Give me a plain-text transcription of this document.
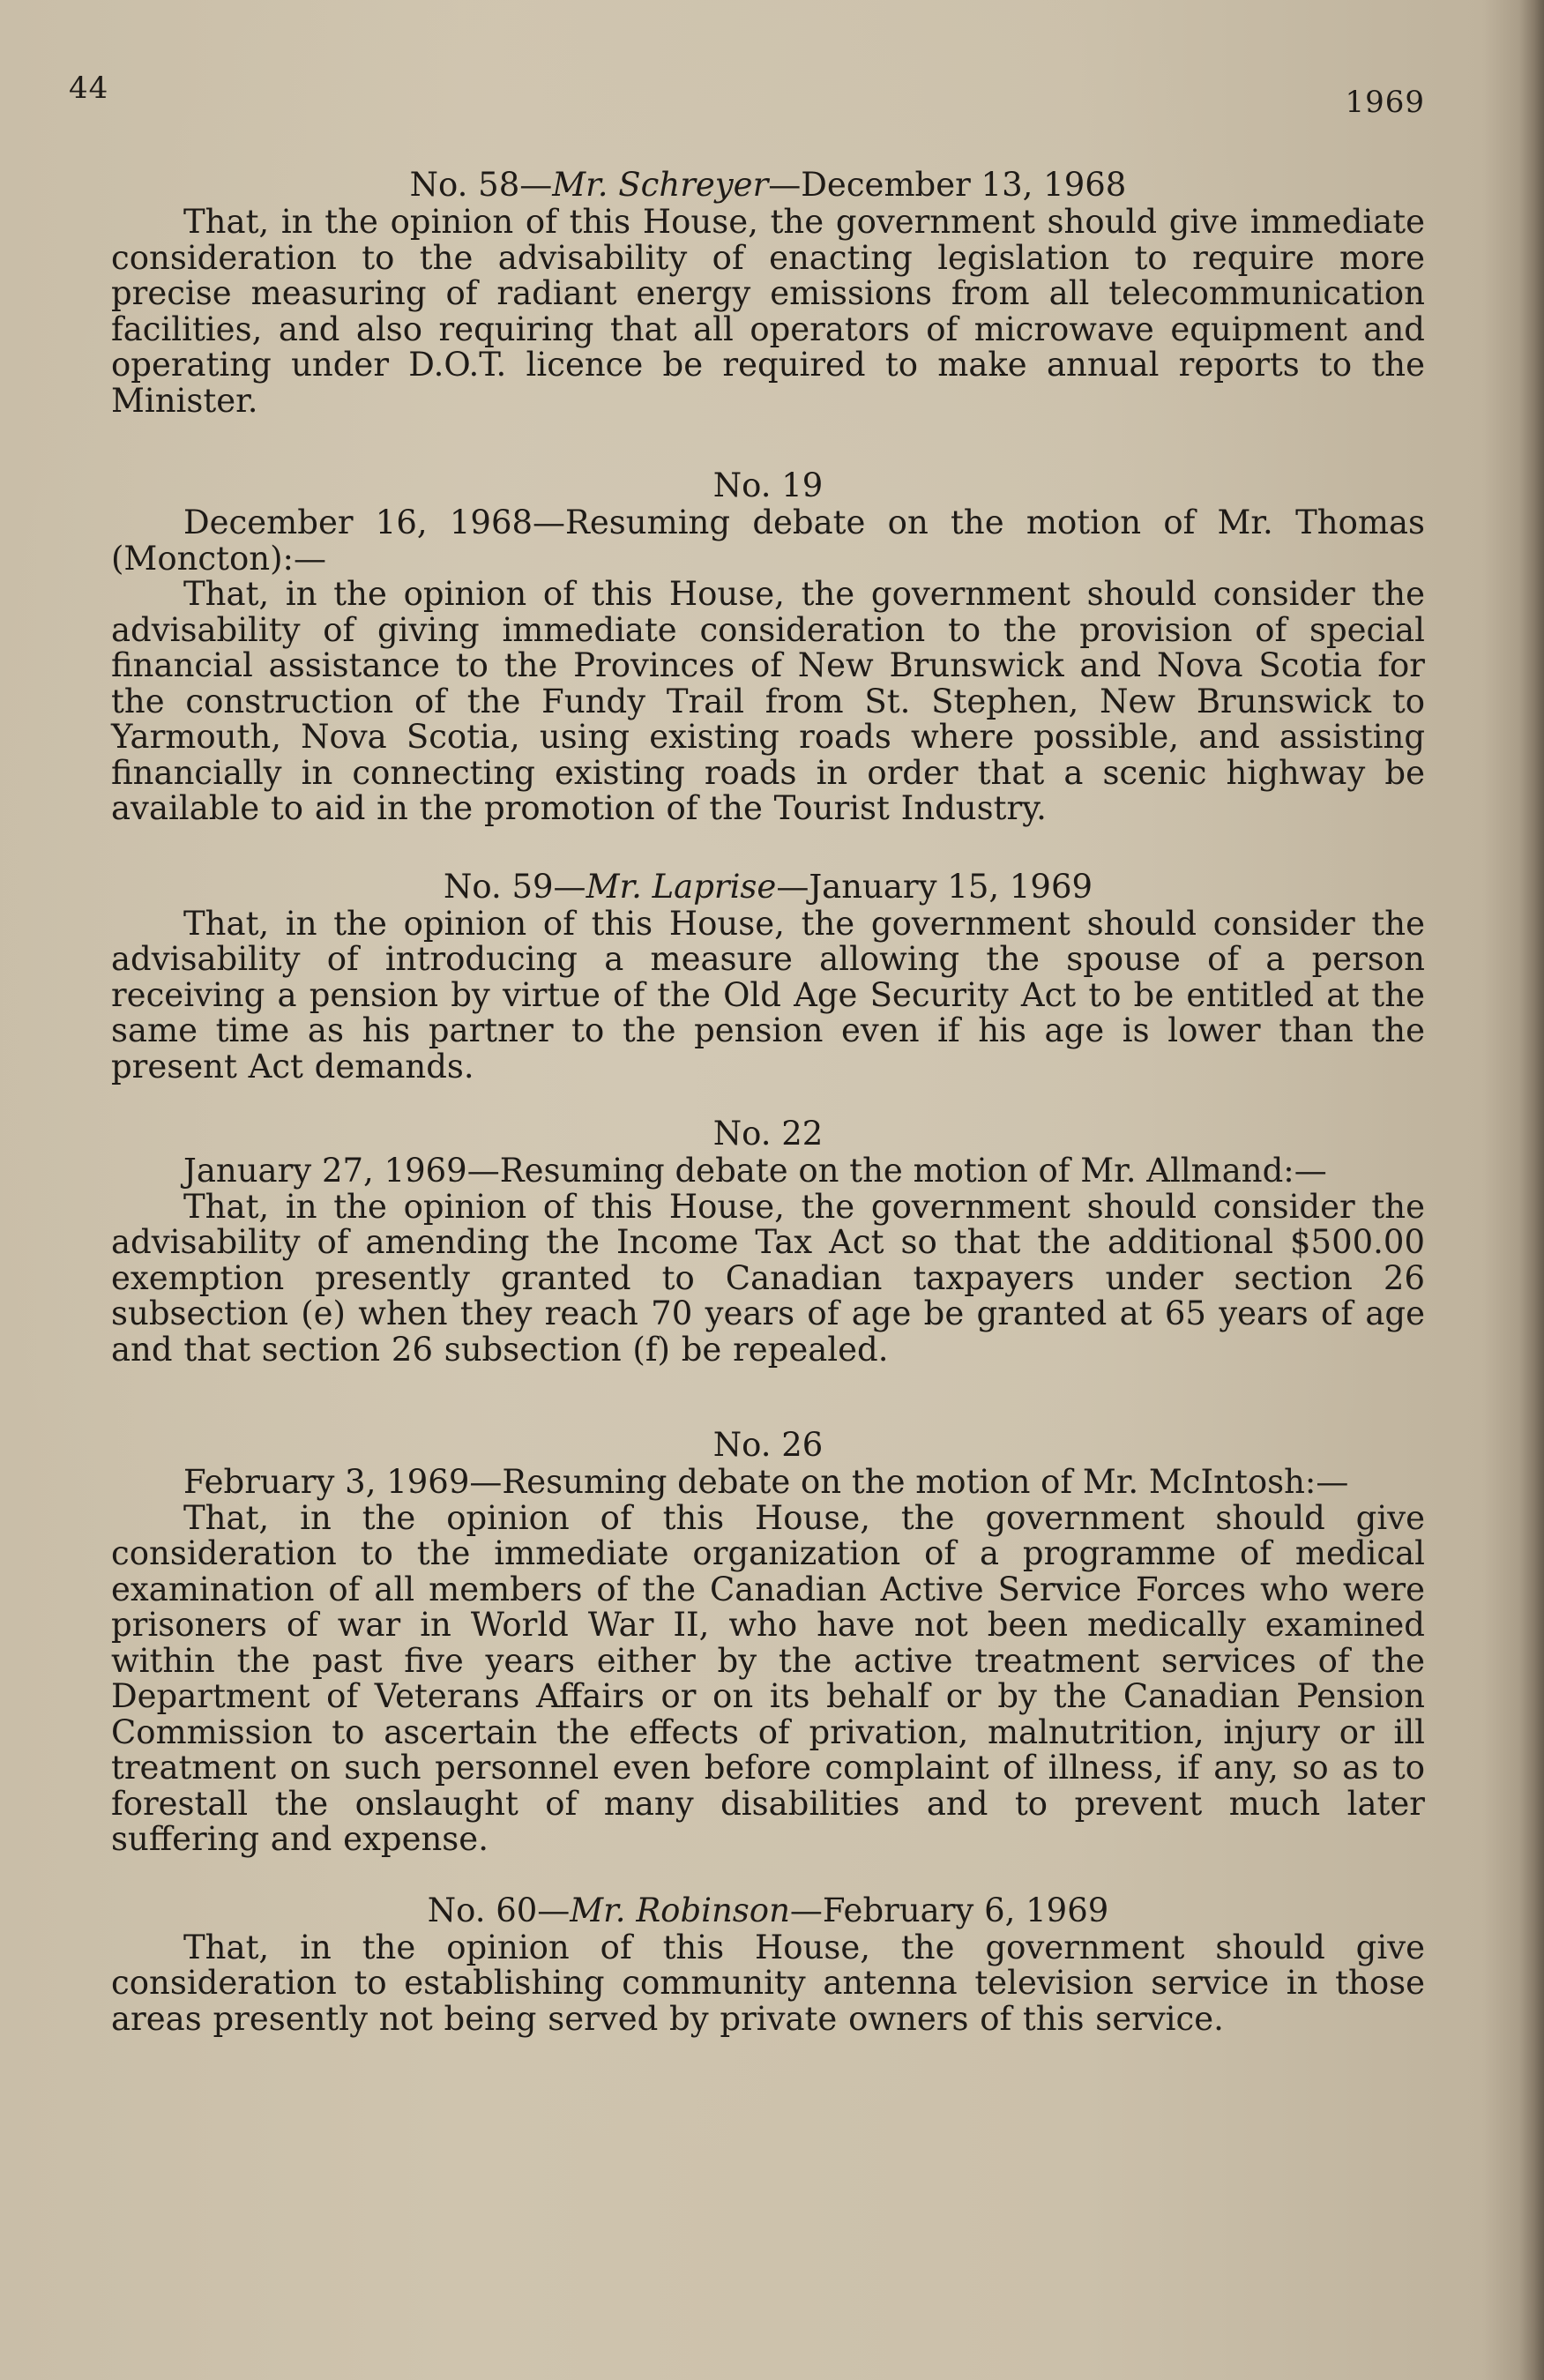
44	1969
No. 58—Mr. Schreyer—December 13, 1968

That, in the opinion of this House, the government should give immediate consideration to the advisability of enacting legislation to require more precise measuring of radiant energy emissions from all telecommunication facilities, and also requiring that all operators of microwave equipment and operating under D.O.T. licence be required to make annual reports to the Minister.

No. 19

December 16, 1968—Resuming debate on the motion of Mr. Thomas (Moncton):—

That, in the opinion of this House, the government should consider the advisability of giving immediate consideration to the provision of special financial assistance to the Provinces of New Brunswick and Nova Scotia for the construction of the Fundy Trail from St. Stephen, New Brunswick to Yarmouth, Nova Scotia, using existing roads where possible, and assisting financially in connecting existing roads in order that a scenic highway be available to aid in the promotion of the Tourist Industry.

No. 59—Mr. Laprise—January 15, 1969

That, in the opinion of this House, the government should consider the advisability of introducing a measure allowing the spouse of a person receiving a pension by virtue of the Old Age Security Act to be entitled at the same time as his partner to the pension even if his age is lower than the present Act demands.

No. 22

January 27, 1969—Resuming debate on the motion of Mr. Allmand:—

That, in the opinion of this House, the government should consider the advisability of amending the Income Tax Act so that the additional $500.00 exemption presently granted to Canadian taxpayers under section 26 subsection (e) when they reach 70 years of age be granted at 65 years of age and that section 26 subsection (f) be repealed.

No. 26

February 3, 1969—Resuming debate on the motion of Mr. McIntosh:—

That, in the opinion of this House, the government should give consideration to the immediate organization of a programme of medical examination of all members of the Canadian Active Service Forces who were prisoners of war in World War II, who have not been medically examined within the past five years either by the active treatment services of the Department of Veterans Affairs or on its behalf or by the Canadian Pension Commission to ascertain the effects of privation, malnutrition, injury or ill treatment on such personnel even before complaint of illness, if any, so as to forestall the onslaught of many disabilities and to prevent much later suffering and expense.

No. 60—Mr. Robinson—February 6, 1969

That, in the opinion of this House, the government should give consideration to establishing community antenna television service in those areas presently not being served by private owners of this service.
